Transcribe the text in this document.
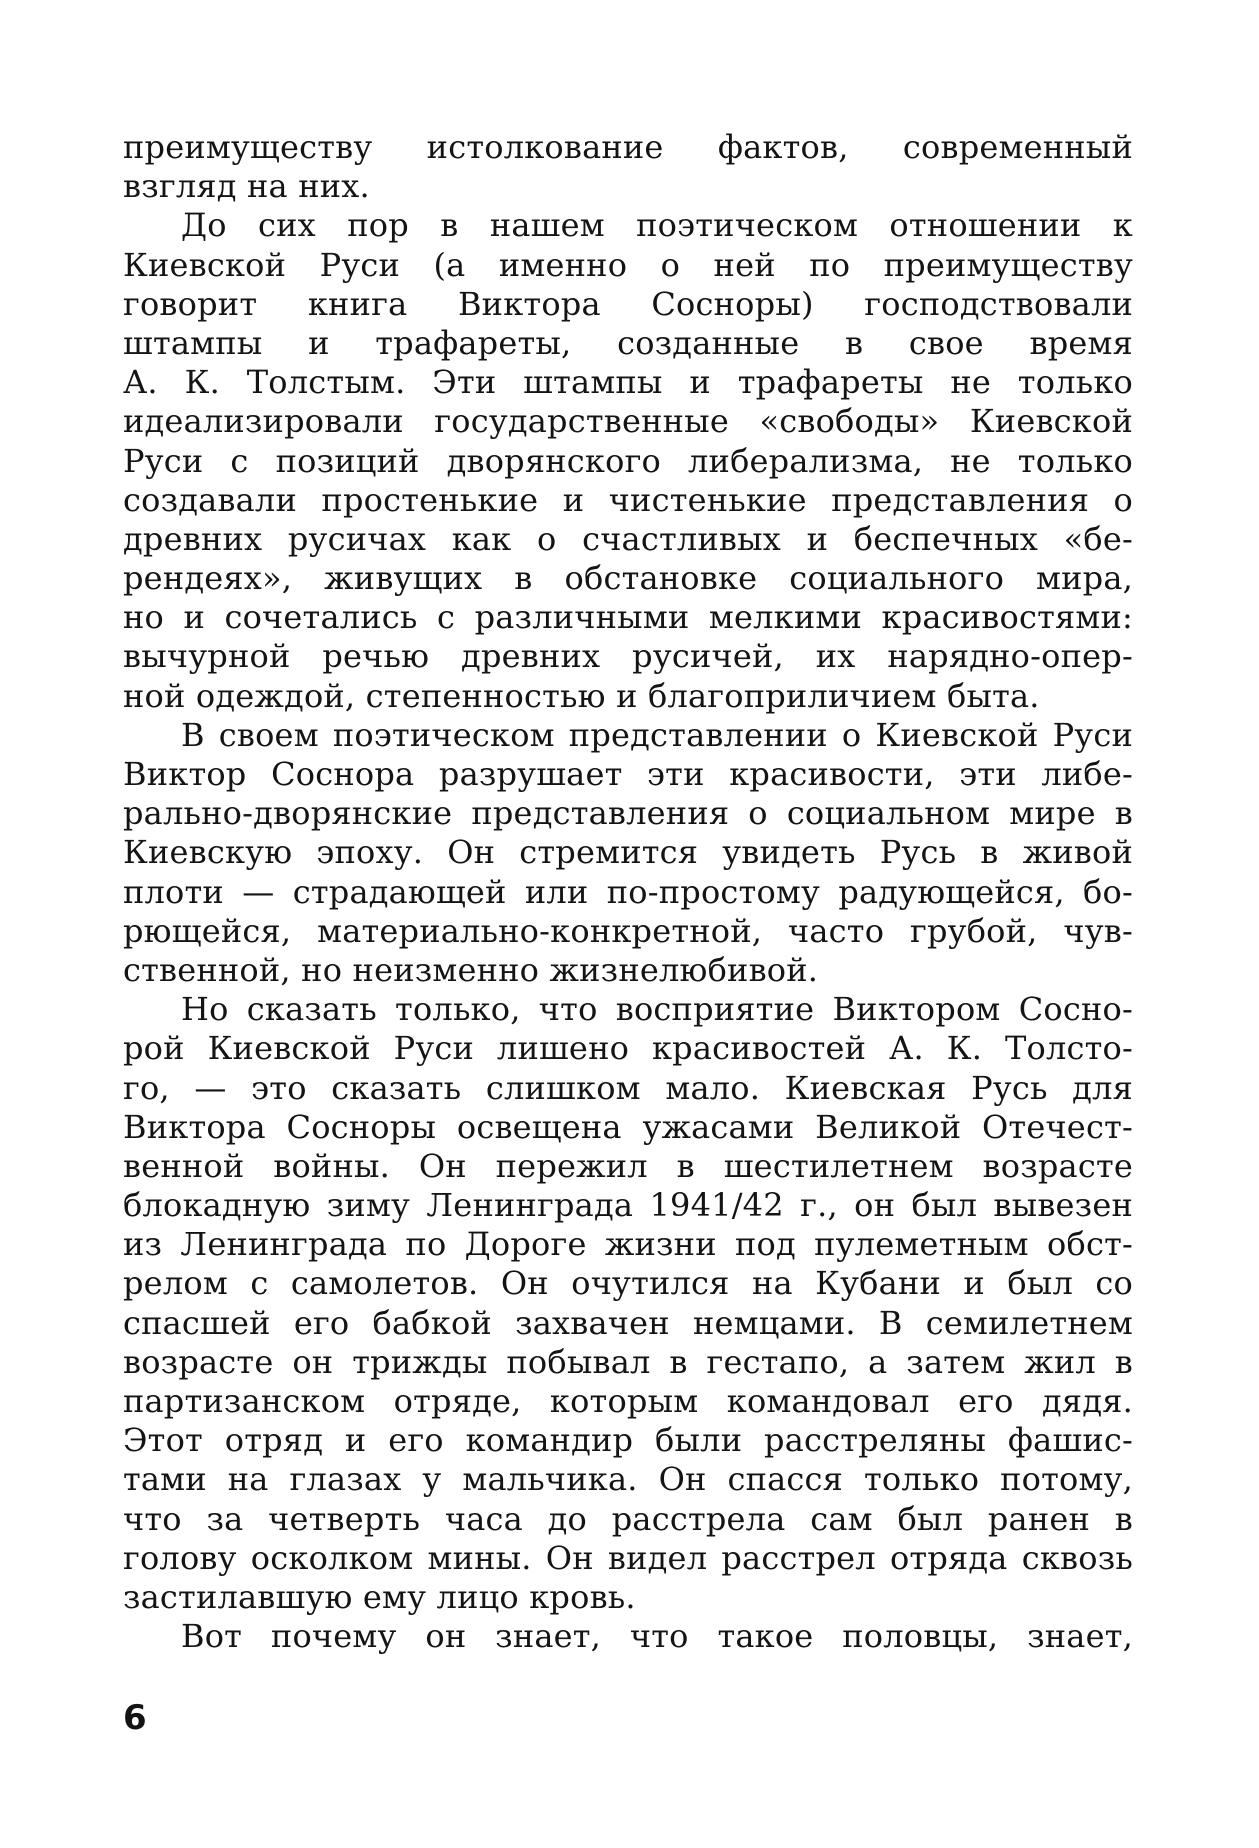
преимуществу истолкование фактов, современный
взгляд на них.
До сих пор в нашем поэтическом отношении к
Киевской Руси (а именно о ней по преимуществу
говорит книга Виктора Сосноры) господствовали
штампы и трафареты, созданные в свое время
А. К. Толстым. Эти штампы и трафареты не только
идеализировали государственные «свободы» Киевской
Руси с позиций дворянского либерализма, не только
создавали простенькие и чистенькие представления о
древних русичах как о счастливых и беспечных «бе-
рендеях», живущих в обстановке социального мира,
но и сочетались с различными мелкими красивостями:
вычурной речью древних русичей, их нарядно-опер-
ной одеждой, степенностью и благоприличием быта.
В своем поэтическом представлении о Киевской Руси
Виктор Соснора разрушает эти красивости, эти либе-
рально-дворянские представления о социальном мире в
Киевскую эпоху. Он стремится увидеть Русь в живой
плоти — страдающей или по-простому радующейся, бо-
рющейся, материально-конкретной, часто грубой, чув-
ственной, но неизменно жизнелюбивой.
Но сказать только, что восприятие Виктором Сосно-
рой Киевской Руси лишено красивостей А. К. Толсто-
го, — это сказать слишком мало. Киевская Русь для
Виктора Сосноры освещена ужасами Великой Отечест-
венной войны. Он пережил в шестилетнем возрасте
блокадную зиму Ленинграда 1941/42 г., он был вывезен
из Ленинграда по Дороге жизни под пулеметным обст-
релом с самолетов. Он очутился на Кубани и был со
спасшей его бабкой захвачен немцами. В семилетнем
возрасте он трижды побывал в гестапо, а затем жил в
партизанском отряде, которым командовал его дядя.
Этот отряд и его командир были расстреляны фашис-
тами на глазах у мальчика. Он спасся только потому,
что за четверть часа до расстрела сам был ранен в
голову осколком мины. Он видел расстрел отряда сквозь
застилавшую ему лицо кровь.
Вот почему он знает, что такое половцы, знает,
6
